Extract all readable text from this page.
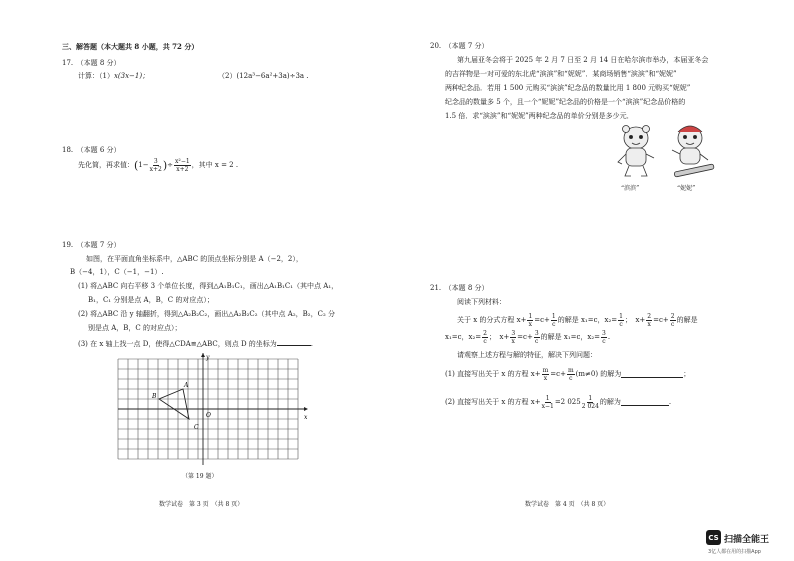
三、解答题（本大题共 8 小题，共 72 分）
17.　（本题 8 分）
计算：（1）x(3x−1)；	（2）(12a³−6a²+3a)÷3a .
18.　（本题 6 分）
先化简，再求值： ( $1- \frac{3}{x+2}$ ) ÷ $\frac{\text{x²−1}}{x+2}$ ，其中 x = 2 .
19.　（本题 7 分）
如图，在平面直角坐标系中，△ABC 的顶点坐标分别是 A（−2，2），
B（−4，1），C（−1，−1）.
(1) 将△ABC 向右平移 3 个单位长度，得到△A₁B₁C₁，画出△A₁B₁C₁（其中点 A₁，
B₁，C₁ 分别是点 A，B，C 的对应点）；
(2) 将△ABC 沿 y 轴翻折，得到△A₂B₂C₂，画出△A₂B₂C₂（其中点 A₂，B₂，C₂ 分
别是点 A，B，C 的对应点）；
(3) 在 x 轴上找一点 D，使得△CDA≌△ABC，则点 D 的坐标为	.
y
x
A
B
C
O
（第 19 题）
数学试卷　第 3 页　（共 8 页）
20.　（本题 7 分）
第九届亚冬会将于 2025 年 2 月 7 日至 2 月 14 日在哈尔滨市举办，本届亚冬会
的吉祥物是一对可爱的东北虎“滨滨”和“妮妮”．某商场销售“滨滨”和“妮妮”
两种纪念品．若用 1 500 元购买“滨滨”纪念品的数量比用 1 800 元购买“妮妮”
纪念品的数量多 5 个，且一个“妮妮”纪念品的价格是一个“滨滨”纪念品价格的
1.5 倍．求“滨滨”和“妮妮”两种纪念品的单价分别是多少元．
“滨滨”	“妮妮”
21.　（本题 8 分）
阅读下列材料：
关于 x 的分式方程 $x+ \frac{1}{x} =c+ \frac{1}{c}$ 的解是 x₁=c，$x_2= \frac{1}{c}$ ；　$x+ \frac{2}{x} =c+ \frac{2}{c}$ 的解是
x₁=c，$x_2= \frac{2}{c}$ ；　$x+ \frac{3}{x} =c+ \frac{3}{c}$ 的解是 x₁=c，$x_2= \frac{3}{c}$ .
请观察上述方程与解的特征，解决下列问题：
(1) 直接写出关于 x 的方程 $x+ \frac{m}{x} =c+ \frac{m}{c} (m\ne 0)$ 的解为	；
(2) 直接写出关于 x 的方程 $x+ \frac{1}{x-1} =2$ $025 \frac{1}{2 024}$ 的解为	.
数学试卷　第 4 页　（共 8 页）
CS 扫描全能王
3亿人都在用的扫描App
